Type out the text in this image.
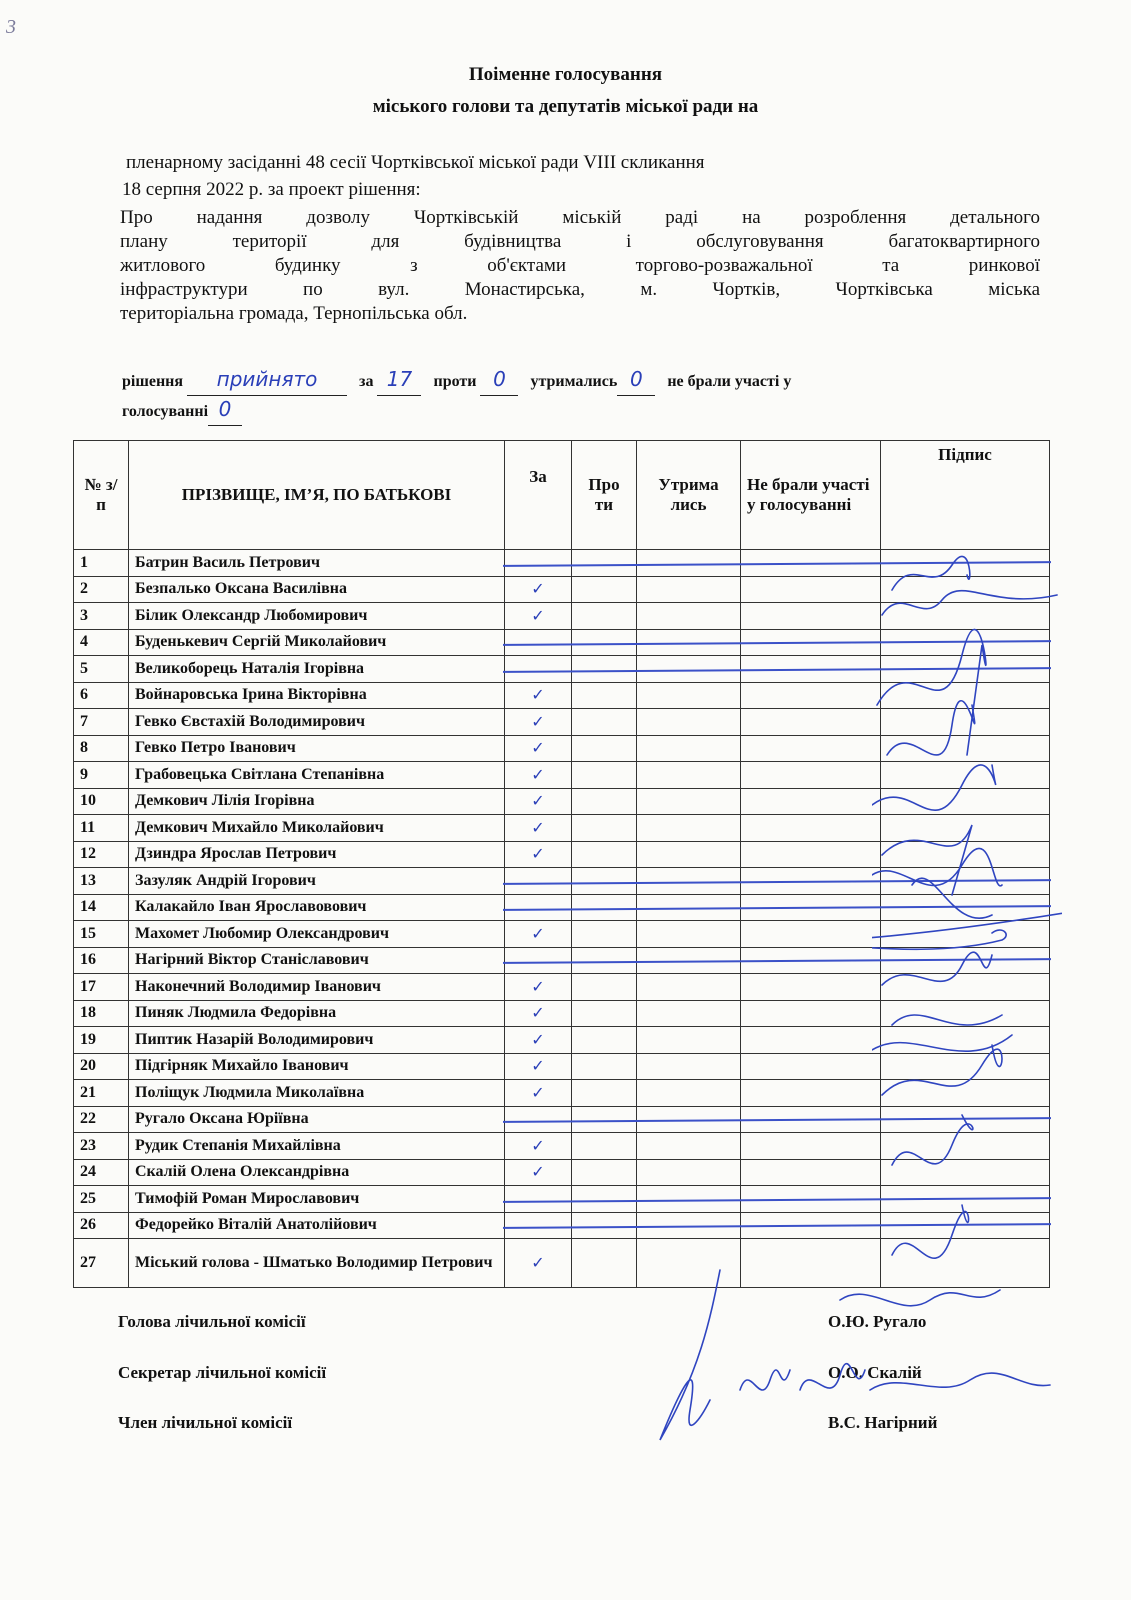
3
Поіменне голосування
міського голови та депутатів міської ради на
пленарному засіданні 48 сесії Чортківської міської ради VIII скликання
18 серпня 2022 р. за проект рішення:
Про надання дозволу Чортківській міській раді на розроблення детального
плану території для будівництва і обслуговування багатоквартирного
житлового будинку з об'єктами торгово-розважальної та ринкової
інфраструктури по вул. Монастирська, м. Чортків, Чортківська міська
територіальна громада, Тернопільська обл.
рішення прийнято	за 17 проти 0 утримались 0 не брали участі у
голосуванні 0
№ з/п	ПРІЗВИЩЕ, ІМ’Я, ПО БАТЬКОВІ	За	Про ти	Утрима лись	Не брали участі у голосуванні	Підпис
1	Батрин Василь Петрович	

2	Безпалько Оксана Василівна	✓				
3	Білик Олександр Любомирович	✓				
4	Буденькевич Сергій Миколайович	

5	Великоборець Наталія Ігорівна	

6	Войнаровська Ірина Вікторівна	✓				
7	Гевко Євстахій Володимирович	✓				
8	Гевко Петро Іванович	✓				
9	Грабовецька Світлана Степанівна	✓				
10	Демкович Лілія Ігорівна	✓				
11	Демкович Михайло Миколайович	✓				
12	Дзиндра Ярослав Петрович	✓				
13	Зазуляк Андрій Ігорович	

14	Калакайло Іван Ярославовович	

15	Махомет Любомир Олександрович	✓				
16	Нагірний Віктор Станіславович	

17	Наконечний Володимир Іванович	✓				
18	Пиняк Людмила Федорівна	✓				
19	Пиптик Назарій Володимирович	✓				
20	Підгірняк Михайло Іванович	✓				
21	Поліщук Людмила Миколаївна	✓				
22	Ругало Оксана Юріївна	

23	Рудик Степанія Михайлівна	✓				
24	Скалій Олена Олександрівна	✓				
25	Тимофій Роман Мирославович	

26	Федорейко Віталій Анатолійович	

27	Міський голова - Шматько Володимир Петрович	✓				
Голова лічильної комісії	О.Ю. Ругало
Секретар лічильної комісії	О.О. Скалій
Член лічильної комісії	В.С. Нагірний
